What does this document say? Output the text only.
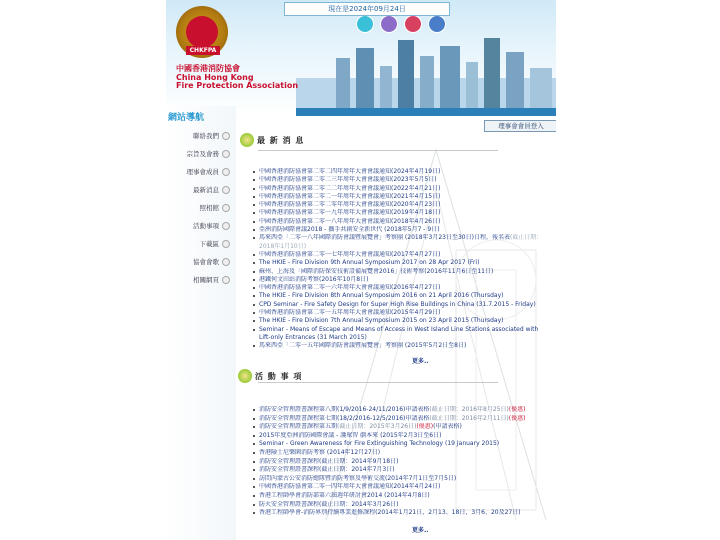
現在是2024年09月24日
CHKFPA
中國香港消防協會
China Hong Kong
Fire Protection Association
網站導航
聯絡我們
宗旨及會務
理事會成員
最新消息
照相館
活動事項
下載區
協會會歌
相關網頁
理事會會員登入
最 新 消 息
中國香港消防協會第二零二四年周年大會會議通知(2024年4月19日)
中國香港消防協會第二零二三年周年大會會議通知(2023年5月5日)
中國香港消防協會第二零二二年周年大會會議通知(2022年4月21日)
中國香港消防協會第二零二一年周年大會會議通知(2021年4月15日)
中國香港消防協會第二零二零年周年大會會議通知(2020年4月23日)
中國香港消防協會第二零一九年周年大會會議通知(2019年4月18日)
中國香港消防協會第二零一八年周年大會會議通知(2018年4月26日)
亞洲消防國際會議2018 - 攜手共創安全新世代 (2018年5月7 - 9日)
馬來西亞「二零一八年國際消防會議暨展覽會」考察團 (2018年3月23日至30日)日程，報名表(截止日期：2018年1月10日)
中國香港消防協會第二零一七年周年大會會議通知(2017年4月27日)
The HKIE - Fire Division 9th Annual Symposium 2017 on 28 Apr 2017 (Fri)
蘇州、上海及「國際消防保安技術設備展覽會2016」技術考察(2016年11月6日至11日)
港鐵何文田站消防考察(2016年10月8日)
中國香港消防協會第二零一六年周年大會會議通知(2016年4月27日)
The HKIE - Fire Division 8th Annual Symposium 2016 on 21 April 2016 (Thursday)
CPD Seminar - Fire Safety Design for Super High Rise Buildings in China (31.7.2015 - Friday)
中國香港消防協會第二零一五年周年大會會議通知(2015年4月29日)
The HKIE - Fire Division 7th Annual Symposium 2015 on 23 April 2015 (Thursday)
Seminar - Means of Escape and Means of Access in West Island Line Stations associated with Lift-only Entrances (31 March 2015)
馬來西亞「二零一五年國際消防會議暨展覽會」考察團 (2015年5月2日至8日)
更多..
活 動 事 項
消防安全管理證書課程第八期(1/9/2016-24/11/2016)申請表格(截止日期：2016年8月25日)(優惠)
消防安全管理證書課程第七期(18/2/2016-12/5/2016)申請表格(截止日期：2016年2月11日)(優惠)
消防安全管理證書課程第五期(截止日期：2015年3月26日)(優惠)(申請表格)
2015年度亞洲消防國際會議 - 護眾智 劇本來 (2015年2月3日至6日)
Seminar - Green Awareness for Fire Extinguishing Technology (19 January 2015)
香港險士尼樂園消防考察 (2014年12月27日)
消防安全管理證書課程(截止日期：2014年9月18日)
消防安全管理證書課程(截止日期：2014年7月3日)
訪問內蒙古公安消防總隊暨消防考察及學術交流(2014年7月1日至7月5日)
中國香港消防協會第二零一四年周年大會會議通知(2014年4月24日)
香港工程師學會消防部第六屆週年研討會2014 (2014年4月8日)
防火安全管理證書課程(截止日期：2014年3月26日)
香港工程師學會-消防界別持續專業進修課程(2014年1月21日，2月13、18日，3月6、20及27日)
更多..
